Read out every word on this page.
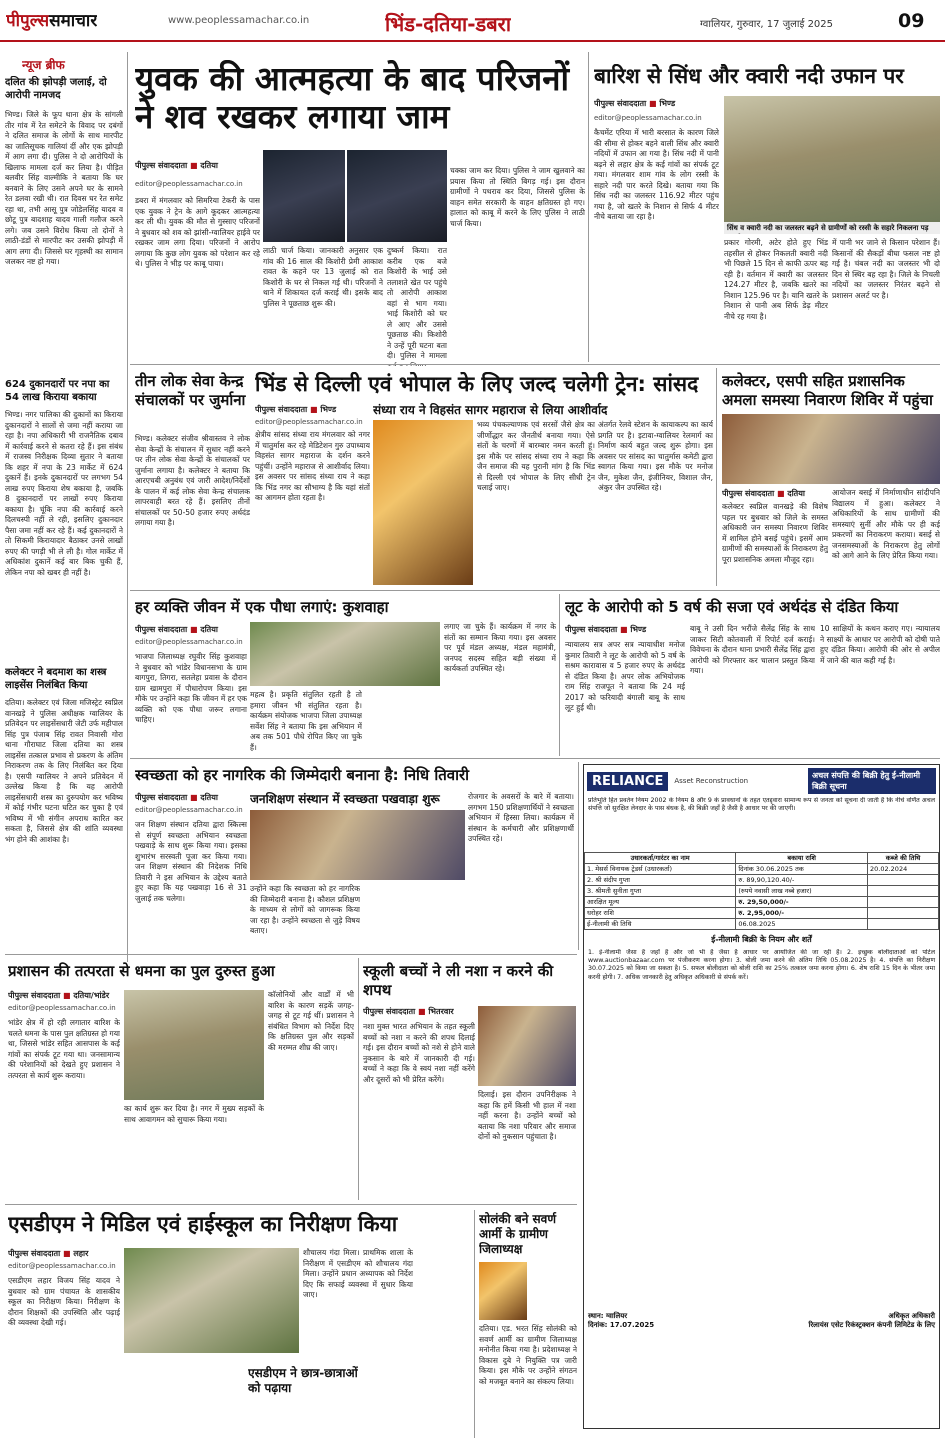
पीपुल्ससमाचार	www.peoplessamachar.co.in	भिंड-दतिया-डबरा	ग्वालियर, गुरुवार, 17 जुलाई 2025	09
न्यूज ब्रीफ
दलित की झोपड़ी जलाई, दो आरोपी नामजद
भिण्ड। जिले के फूप थाना क्षेत्र के सांगली तीर गांव में रेत समेटने के विवाद पर दबंगों ने दलित समाज के लोगों के साथ मारपीट का जातिसूचक गालियां दीं और एक झोपड़ी में आग लगा दी। पुलिस ने दो आरोपियों के खिलाफ मामला दर्ज कर लिया है। पीड़ित बलवीर सिंह वाल्मीकि ने बताया कि घर बनवाने के लिए उसने अपने घर के सामने रेत डलवा रखी थी। रात दिवस घर रेत समेट रहा था, तभी आसू पुत्र जोडेलसिंह यादव व छोटू पुत्र बादशाह यादव गाली गलौज करने लगे। जब उसने विरोध किया तो दोनों ने लाठी-डंडों से मारपीट कर उसकी झोपड़ी में आग लगा दी। जिससे घर गृहस्थी का सामान जलकर नष्ट हो गया।
624 दुकानदारों पर नपा का 54 लाख किराया बकाया
भिण्ड। नगर पालिका की दुकानों का किराया दुकानदारों ने सालों से जमा नहीं कराया जा रहा है। नपा अधिकारी भी राजनैतिक दबाव में कार्रवाई करने से कतरा रहे हैं। इस संबंध में राजस्व निरीक्षक दिव्या सुतार ने बताया कि शहर में नपा के 23 मार्केट में 624 दुकानें हैं। इनके दुकानदारों पर लगभग 54 लाख रुपए किराया शेष बकाया है, जबकि 8 दुकानदारों पर लाखों रुपए किराया बकाया है। चूंकि नपा की कार्रवाई करने दिलचस्पी नहीं ले रही, इसलिए दुकानदार पैसा जमा नहीं कर रहे हैं। कई दुकानदारों ने तो सिकमी किरायादार बैठाकर उनसे लाखों रुपए की पगड़ी भी ले ली है। गोल मार्केट में अधिकांश दुकानें कई बार बिक चुकी हैं, लेकिन नपा को खबर ही नहीं है।
कलेक्टर ने बदमाश का शस्त्र लाइसेंस निलंबित किया
दतिया। कलेक्टर एवं जिला मजिस्ट्रेट स्वप्निल वानखड़े ने पुलिस अधीक्षक ग्वालियर के प्रतिवेदन पर लाइसेंसधारी जेटी उर्फ महीपाल सिंह पुत्र पंजाब सिंह रावत निवासी गोरा थाना गौराघाट जिला दतिया का शस्त्र लाइसेंस तत्काल प्रभाव से प्रकरण के अंतिम निराकरण तक के लिए निलंबित कर दिया है। एसपी ग्वालियर ने अपने प्रतिवेदन में उल्लेख किया है कि यह आरोपी लाइसेंसधारी शस्त्र का दुरुपयोग कर भविष्य में कोई गंभीर घटना घटित कर चुका है एवं भविष्य में भी संगीन अपराध कारित कर सकता है, जिससे क्षेत्र की शांति व्यवस्था भंग होने की आशंका है।
युवक की आत्महत्या के बाद परिजनों ने शव रखकर लगाया जाम
पीपुल्स संवाददाता ■ दतिया
editor@peoplessamachar.co.in
डबरा में मंगलवार को सिमरिया टेकरी के पास एक युवक ने ट्रेन के आगे कूदकर आत्महत्या कर ली थी। युवक की मौत से गुस्साए परिजनों ने बुधवार को शव को झांसी-ग्वालियर हाईवे पर रखकर जाम लगा दिया। परिजनों ने आरोप लगाया कि कुछ लोग युवक को परेशान कर रहे थे। पुलिस ने भीड़ पर काबू पाया।
लाठी चार्ज किया। जानकारी अनुसार एक गांव की 16 साल की किशोरी प्रेमी आकाश रावत के कहने पर 13 जुलाई को रात किशोरी के घर से निकल गई थी। परिजनों ने थाने में शिकायत दर्ज कराई थी। इसके बाद पुलिस ने पूछताछ शुरू की।
चक्का जाम कर दिया। पुलिस ने जाम खुलवाने का प्रयास किया तो स्थिति बिगड़ गई। इस दौरान ग्रामीणों ने पथराव कर दिया, जिससे पुलिस के वाहन समेत सरकारी के वाहन क्षतिग्रस्त हो गए। हालात को काबू में करने के लिए पुलिस ने लाठी चार्ज किया।
दुष्कर्म किया। रात करीब एक बजे किशोरी के भाई उसे तलाशते खेत पर पहुंचे तो आरोपी आकाश वहां से भाग गया। भाई किशोरी को घर ले आए और उससे पूछताछ की। किशोरी ने उन्हें पूरी घटना बता दी। पुलिस ने मामला
बारिश से सिंध और क्वारी नदी उफान पर
पीपुल्स संवाददाता ■ भिण्ड
editor@peoplessamachar.co.in
कैचमेंट एरिया में भारी बरसात के कारण जिले की सीमा से होकर बहने वाली सिंध और क्वारी नदियों में उफान आ गया है। सिंध नदी में पानी बढ़ने से लहार क्षेत्र के कई गांवों का संपर्क टूट गया। मंगलवार शाम गांव के लोग रस्सी के सहारे नदी पार करते दिखे। बताया गया कि सिंध नदी का जलस्तर 116.92 मीटर पहुंच गया है, जो खतरे के निशान से सिर्फ 4 मीटर नीचे बताया जा रहा है।
सिंध व क्वारी नदी का जलस्तर बढ़ने से ग्रामीणों को रस्सी के सहारे निकलना पड़
प्रकार गोरमी, अटेर होते हुए भिंड तहसील से होकर निकलती क्वारी नदी भी पिछले 15 दिन से काफी ऊपर बह रही है। वर्तमान में क्वारी का जलस्तर 124.27 मीटर है, जबकि खतरे का निशान 125.96 पर है। यानि खतरे के निशान से पानी अब सिर्फ डेढ़ मीटर नीचे रह गया है।
में पानी भर जाने से किसान परेशान हैं। किसानों की सैकड़ों बीघा फसल नष्ट हो गई है। चंबल नदी का जलस्तर भी दो दिन से स्थिर बह रहा है। जिले के निचली नदियों का जलस्तर निरंतर बढ़ने से प्रशासन अलर्ट पर है।
तीन लोक सेवा केन्द्र संचालकों पर जुर्माना
भिण्ड। कलेक्टर संजीव श्रीवास्तव ने लोक सेवा केन्द्रों के संचालन में सुधार नहीं करने पर तीन लोक सेवा केन्द्रों के संचालकों पर जुर्माना लगाया है। कलेक्टर ने बताया कि आरएचबी अनुबंध एवं जारी आदेश/निर्देशों के पालन में कई लोक सेवा केन्द्र संचालक लापरवाही बरत रहे हैं। इसलिए तीनों संचालकों पर 50-50 हजार रुपए अर्थदंड लगाया गया है।
भिंड से दिल्ली एवं भोपाल के लिए जल्द चलेगी ट्रेन: सांसद
पीपुल्स संवाददाता ■ भिण्ड
editor@peoplessamachar.co.in
क्षेत्रीय सांसद संध्या राय मंगलवार को नगर में चातुर्मास कर रहे मेडिटेशन गुरु उपाध्याय विहसंत सागर महाराज के दर्शन करने पहुंचीं। उन्होंने महाराज से आशीर्वाद लिया। इस अवसर पर सांसद संध्या राय ने कहा कि भिंड नगर का सौभाग्य है कि यहां संतों का आगमन होता रहता है।
संध्या राय ने विहसंत सागर महाराज से लिया आशीर्वाद
भव्य पंचकल्याणक एवं सरसों जैसे क्षेत्र का जीर्णोद्धार कर जैनतीर्थ बनाया गया। ऐसे संतों के चरणों में बारम्बार नमन करती हूं। इस मौके पर सांसद संध्या राय ने कहा कि जैन समाज की यह पुरानी मांग है कि भिंड से दिल्ली एवं भोपाल के लिए सीधी ट्रेन चलाई जाए।
अंतर्गत रेलवे स्टेशन के कायाकल्प का कार्य प्रगति पर है। इटावा-ग्वालियर रेलमार्ग का निर्माण कार्य बहुत जल्द शुरू होगा। इस अवसर पर सांसद का चातुर्मास कमेटी द्वारा स्वागत किया गया। इस मौके पर मनोज जैन, मुकेश जैन, इंजीनियर, विशाल जैन, अंकुर जैन उपस्थित रहे।
कलेक्टर, एसपी सहित प्रशासनिक अमला समस्या निवारण शिविर में पहुंचा
पीपुल्स संवाददाता ■ दतिया
कलेक्टर स्वप्निल वानखड़े की विशेष पहल पर बुधवार को जिले के समस्त अधिकारी जन समस्या निवारण शिविर में शामिल होने बसई पहुंचे। इसमें आम ग्रामीणों की समस्याओं के निराकरण हेतु पूरा प्रशासनिक अमला मौजूद रहा।
आयोजन बसई में निर्माणाधीन सांदीपनि विद्यालय में हुआ। कलेक्टर ने अधिकारियों के साथ ग्रामीणों की समस्याएं सुनीं और मौके पर ही कई प्रकरणों का निराकरण कराया। बसई से जनसमस्याओं के निराकरण हेतु लोगों को आगे आने के लिए प्रेरित किया गया।
हर व्यक्ति जीवन में एक पौधा लगाएं: कुशवाहा
पीपुल्स संवाददाता ■ दतिया
editor@peoplessamachar.co.in
भाजपा जिलाध्यक्ष रघुवीर सिंह कुशवाहा ने बुधवार को भांडेर विधानसभा के ग्राम बागपुरा, तिगरा, सतलेहा प्रवास के दौरान ग्राम खामपुरा में पौधारोपण किया। इस मौके पर उन्होंने कहा कि जीवन में हर एक व्यक्ति को एक पौधा जरूर लगाना चाहिए।
महत्व है। प्रकृति संतुलित रहती है तो हमारा जीवन भी संतुलित रहता है। कार्यक्रम संयोजक भाजपा जिला उपाध्यक्ष सर्वेश सिंह ने बताया कि इस अभियान में अब तक 501 पौधे रोपित किए जा चुके हैं।
लगाए जा चुके हैं। कार्यक्रम में नगर के संतों का सम्मान किया गया। इस अवसर पर पूर्व मंडल अध्यक्ष, मंडल महामंत्री, जनपद सदस्य सहित बड़ी संख्या में कार्यकर्ता उपस्थित रहे।
लूट के आरोपी को 5 वर्ष की सजा एवं अर्थदंड से दंडित किया
पीपुल्स संवाददाता ■ भिण्ड
न्यायालय सत्र अपर सत्र न्यायाधीश मनोज कुमार तिवारी ने लूट के आरोपी को 5 वर्ष के सश्रम कारावास व 5 हजार रुपए के अर्थदंड से दंडित किया है। अपर लोक अभियोजक राम सिंह राजपूत ने बताया कि 24 मई 2017 को फरियादी बंगाली बाबू के साथ लूट हुई थी।
बाबू ने उसी दिन भरौंजे सैलेंद्र सिंह के साथ जाकर सिटी कोतवाली में रिपोर्ट दर्ज कराई। विवेचना के दौरान थाना प्रभारी सैलेंद्र सिंह द्वारा आरोपी को गिरफ्तार कर चालान प्रस्तुत किया गया।
10 साक्षियों के कथन कराए गए। न्यायालय ने साक्ष्यों के आधार पर आरोपी को दोषी पाते हुए दंडित किया। आरोपी की ओर से अपील में जाने की बात कही गई है।
स्वच्छता को हर नागरिक की जिम्मेदारी बनाना है: निधि तिवारी
पीपुल्स संवाददाता ■ दतिया
editor@peoplessamachar.co.in
जन शिक्षण संस्थान दतिया द्वारा स्किल्स से संपूर्ण स्वच्छता अभियान स्वच्छता पखवाड़े के साथ शुरू किया गया। इसका शुभारंभ सरस्वती पूजा कर किया गया। जन शिक्षण संस्थान की निदेशक निधि तिवारी ने इस अभियान के उद्देश्य बताते हुए कहा कि यह पखवाड़ा 16 से 31 जुलाई तक चलेगा।
जनशिक्षण संस्थान में स्वच्छता पखवाड़ा शुरू
उन्होंने कहा कि स्वच्छता को हर नागरिक की जिम्मेदारी बनाना है। कौशल प्रशिक्षण के माध्यम से लोगों को जागरूक किया जा रहा है। उन्होंने स्वच्छता से जुड़े विषय बताए।
रोजगार के अवसरों के बारे में बताया। लगभग 150 प्रशिक्षणार्थियों ने स्वच्छता अभियान में हिस्सा लिया। कार्यक्रम में संस्थान के कर्मचारी और प्रशिक्षणार्थी उपस्थित रहे।
RELIANCE	Asset Reconstruction
अचल संपत्ति की बिक्री हेतु ई-नीलामी बिक्री सूचना
प्रतिभूति हित प्रवर्तन नियम 2002 के नियम 8 और 9 के प्रावधानों के तहत एतद्द्वारा सामान्य रूप से जनता को सूचना दी जाती है कि नीचे वर्णित अचल संपत्ति जो सुरक्षित लेनदार के पास बंधक है, की बिक्री जहाँ है जैसी है आधार पर की जाएगी।
उधारकर्ता/गारंटर का नाम	बकाया राशि	कब्जे की तिथि
1. मेसर्स विनायक ट्रेडर्स (उधारकर्ता)	दिनांक 30.06.2025 तक	20.02.2024
2. श्री संदीप गुप्ता	रु. 89,90,120.40/-	
3. श्रीमती सुनीता गुप्ता	(रुपये नवासी लाख नब्बे हजार)	
आरक्षित मूल्य	रु. 29,50,000/-	
धरोहर राशि	रु. 2,95,000/-	
ई-नीलामी की तिथि	06.08.2025	
ई-नीलामी बिक्री के नियम और शर्तें
1. ई-नीलामी जैसा है जहाँ है और जो भी है जैसा है आधार पर आयोजित की जा रही है। 2. इच्छुक बोलीदाताओं को पोर्टल www.auctionbazaar.com पर पंजीकरण करना होगा। 3. बोली जमा करने की अंतिम तिथि 05.08.2025 है। 4. संपत्ति का निरीक्षण 30.07.2025 को किया जा सकता है। 5. सफल बोलीदाता को बोली राशि का 25% तत्काल जमा करना होगा। 6. शेष राशि 15 दिन के भीतर जमा करनी होगी। 7. अधिक जानकारी हेतु अधिकृत अधिकारी से संपर्क करें।
स्थान: ग्वालियर
दिनांक: 17.07.2025
अधिकृत अधिकारी
रिलायंस एसेट रिकंस्ट्रक्शन कंपनी लिमिटेड के लिए
प्रशासन की तत्परता से धमना का पुल दुरुस्त हुआ
पीपुल्स संवाददाता ■ दतिया/भांडेर
editor@peoplessamachar.co.in
भांडेर क्षेत्र में हो रही लगातार बारिश के चलते धमना के पास पुल क्षतिग्रस्त हो गया था, जिससे भांडेर सहित आसपास के कई गांवों का संपर्क टूट गया था। जनसामान्य की परेशानियों को देखते हुए प्रशासन ने तत्परता से कार्य शुरू कराया।
का कार्य शुरू कर दिया है। नगर में मुख्य सड़कों के साथ आवागमन को सुचारू किया गया।
कॉलोनियों और वार्डों में भी बारिश के कारण सड़कें जगह-जगह से टूट गई थीं। प्रशासन ने संबंधित विभाग को निर्देश दिए कि क्षतिग्रस्त पुल और सड़कों की मरम्मत शीघ्र की जाए।
स्कूली बच्चों ने ली नशा न करने की शपथ
पीपुल्स संवाददाता ■ भितरवार
नशा मुक्त भारत अभियान के तहत स्कूली बच्चों को नशा न करने की शपथ दिलाई गई। इस दौरान बच्चों को नशे से होने वाले नुकसान के बारे में जानकारी दी गई। बच्चों ने कहा कि वे स्वयं नशा नहीं करेंगे और दूसरों को भी प्रेरित करेंगे।
दिलाई। इस दौरान उपनिरीक्षक ने कहा कि हमें किसी भी हाल में नशा नहीं करना है। उन्होंने बच्चों को बताया कि नशा परिवार और समाज दोनों को नुकसान पहुंचाता है।
एसडीएम ने मिडिल एवं हाईस्कूल का निरीक्षण किया
पीपुल्स संवाददाता ■ लहार
editor@peoplessamachar.co.in
एसडीएम लहार विजय सिंह यादव ने बुधवार को ग्राम पंचायत के शासकीय स्कूल का निरीक्षण किया। निरीक्षण के दौरान शिक्षकों की उपस्थिति और पढ़ाई की व्यवस्था देखी गई।
शौचालय गंदा मिला। प्राथमिक शाला के निरीक्षण में एसडीएम को शौचालय गंदा मिला। उन्होंने प्रधान अध्यापक को निर्देश दिए कि सफाई व्यवस्था में सुधार किया जाए।
एसडीएम ने छात्र-छात्राओं को पढ़ाया
सोलंकी बने सवर्ण आर्मी के ग्रामीण जिलाध्यक्ष
दतिया। एड. भरत सिंह सोलंकी को सवर्ण आर्मी का ग्रामीण जिलाध्यक्ष मनोनीत किया गया है। प्रदेशाध्यक्ष ने विकास दुबे ने नियुक्ति पत्र जारी किया। इस मौके पर उन्होंने संगठन को मजबूत बनाने का संकल्प लिया।
